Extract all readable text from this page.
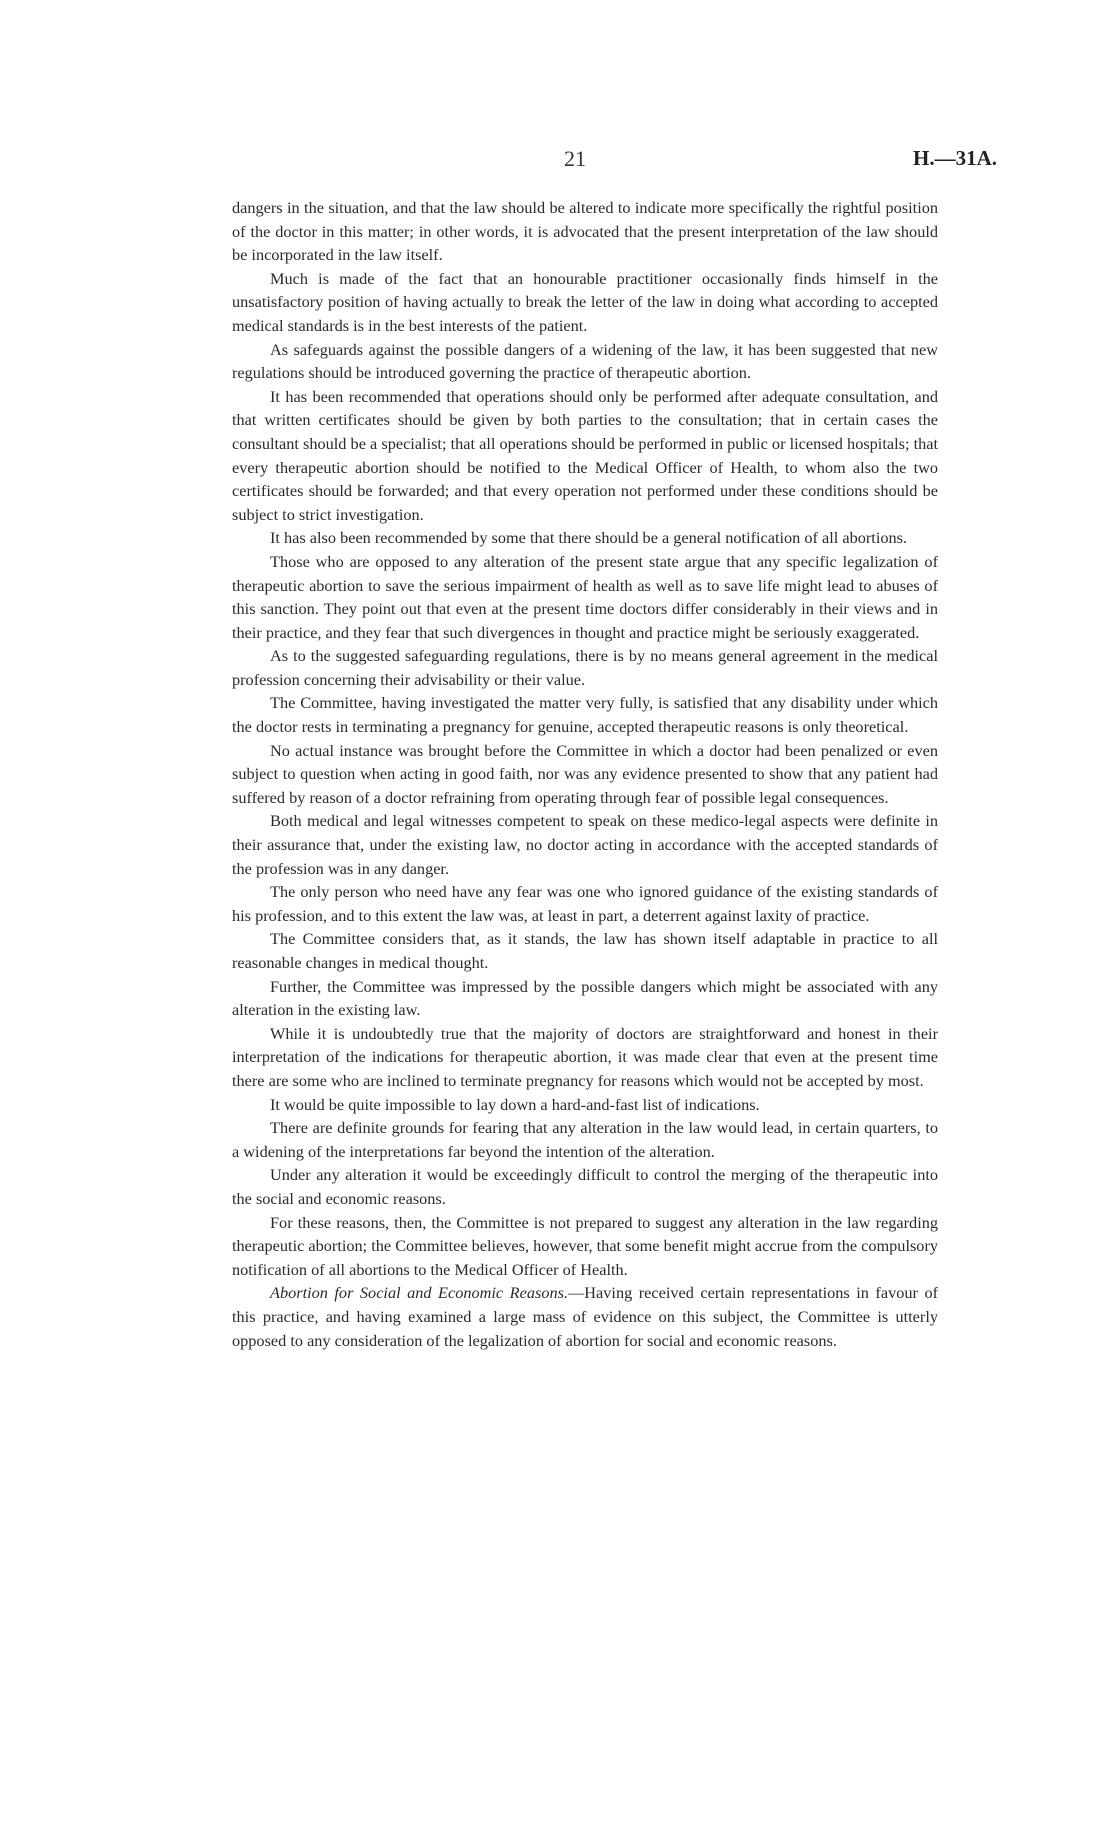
21	H.—31A.

dangers in the situation, and that the law should be altered to indicate more specifically the rightful position of the doctor in this matter; in other words, it is advocated that the present interpretation of the law should be incorporated in the law itself.

Much is made of the fact that an honourable practitioner occasionally finds himself in the unsatisfactory position of having actually to break the letter of the law in doing what according to accepted medical standards is in the best interests of the patient.

As safeguards against the possible dangers of a widening of the law, it has been suggested that new regulations should be introduced governing the practice of therapeutic abortion.

It has been recommended that operations should only be performed after adequate consultation, and that written certificates should be given by both parties to the consultation; that in certain cases the consultant should be a specialist; that all operations should be performed in public or licensed hospitals; that every therapeutic abortion should be notified to the Medical Officer of Health, to whom also the two certificates should be forwarded; and that every operation not performed under these conditions should be subject to strict investigation.

It has also been recommended by some that there should be a general notification of all abortions.

Those who are opposed to any alteration of the present state argue that any specific legalization of therapeutic abortion to save the serious impairment of health as well as to save life might lead to abuses of this sanction. They point out that even at the present time doctors differ considerably in their views and in their practice, and they fear that such divergences in thought and practice might be seriously exaggerated.

As to the suggested safeguarding regulations, there is by no means general agreement in the medical profession concerning their advisability or their value.

The Committee, having investigated the matter very fully, is satisfied that any disability under which the doctor rests in terminating a pregnancy for genuine, accepted therapeutic reasons is only theoretical.

No actual instance was brought before the Committee in which a doctor had been penalized or even subject to question when acting in good faith, nor was any evidence presented to show that any patient had suffered by reason of a doctor refraining from operating through fear of possible legal consequences.

Both medical and legal witnesses competent to speak on these medico-legal aspects were definite in their assurance that, under the existing law, no doctor acting in accordance with the accepted standards of the profession was in any danger.

The only person who need have any fear was one who ignored guidance of the existing standards of his profession, and to this extent the law was, at least in part, a deterrent against laxity of practice.

The Committee considers that, as it stands, the law has shown itself adaptable in practice to all reasonable changes in medical thought.

Further, the Committee was impressed by the possible dangers which might be associated with any alteration in the existing law.

While it is undoubtedly true that the majority of doctors are straightforward and honest in their interpretation of the indications for therapeutic abortion, it was made clear that even at the present time there are some who are inclined to terminate pregnancy for reasons which would not be accepted by most.

It would be quite impossible to lay down a hard-and-fast list of indications.

There are definite grounds for fearing that any alteration in the law would lead, in certain quarters, to a widening of the interpretations far beyond the intention of the alteration.

Under any alteration it would be exceedingly difficult to control the merging of the therapeutic into the social and economic reasons.

For these reasons, then, the Committee is not prepared to suggest any alteration in the law regarding therapeutic abortion; the Committee believes, however, that some benefit might accrue from the compulsory notification of all abortions to the Medical Officer of Health.

Abortion for Social and Economic Reasons.—Having received certain representations in favour of this practice, and having examined a large mass of evidence on this subject, the Committee is utterly opposed to any consideration of the legalization of abortion for social and economic reasons.
